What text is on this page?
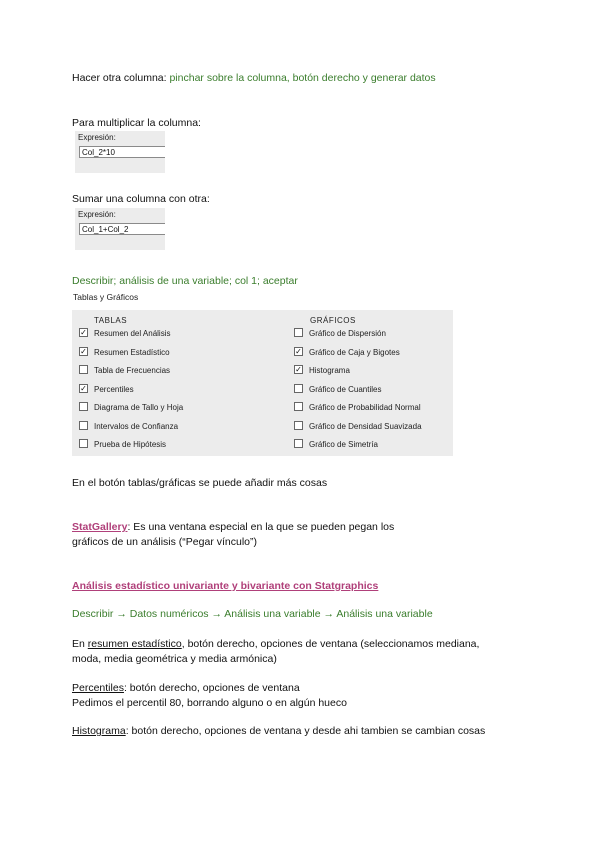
Hacer otra columna: pinchar sobre la columna, botón derecho y generar datos
Para multiplicar la columna:
Expresión:
Col_2*10
Sumar una columna con otra:
Expresión:
Col_1+Col_2
Describir; análisis de una variable; col 1; aceptar
Tablas y Gráficos
TABLAS	GRÁFICOS
✓ Resumen del Análisis
✓ Resumen Estadístico
Tabla de Frecuencias
✓ Percentiles
Diagrama de Tallo y Hoja
Intervalos de Confianza
Prueba de Hipótesis
Gráfico de Dispersión
✓ Gráfico de Caja y Bigotes
✓ Histograma
Gráfico de Cuantiles
Gráfico de Probabilidad Normal
Gráfico de Densidad Suavizada
Gráfico de Simetría
En el botón tablas/gráficas se puede añadir más cosas
StatGallery: Es una ventana especial en la que se pueden pegan los
gráficos de un análisis (“Pegar vínculo”)
Análisis estadístico univariante y bivariante con Statgraphics
Describir → Datos numéricos → Análisis una variable → Análisis una variable
En resumen estadístico, botón derecho, opciones de ventana (seleccionamos mediana,
moda, media geométrica y media armónica)
Percentiles: botón derecho, opciones de ventana
Pedimos el percentil 80, borrando alguno o en algún hueco
Histograma: botón derecho, opciones de ventana y desde ahi tambien se cambian cosas
